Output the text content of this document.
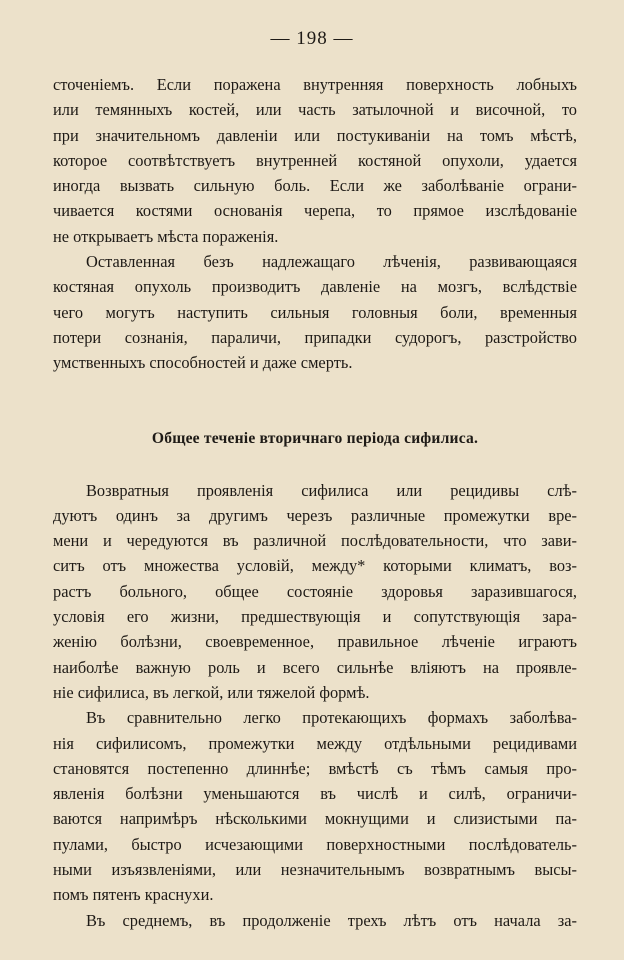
— 198 —
сточенiемъ. Если поражена внутренняя поверхность лобныхъ
или темянныхъ костей, или часть затылочной и височной, то
при значительномъ давленiи или постукиванiи на томъ мѣстѣ,
которое соотвѣтствуетъ внутренней костяной опухоли, удается
иногда вызвать сильную боль. Если же заболѣванiе ограни-
чивается костями основанiя черепа, то прямое изслѣдованiе
не открываетъ мѣста пораженiя.
Оставленная безъ надлежащаго лѣченiя, развивающаяся
костяная опухоль производитъ давленiе на мозгъ, вслѣдствiе
чего могутъ наступить сильныя головныя боли, временныя
потери сознанiя, параличи, припадки судорогъ, разстройство
умственныхъ способностей и даже смерть.
Общее теченiе вторичнаго перiода сифилиса.
Возвратныя проявленiя сифилиса или рецидивы слѣ-
дуютъ одинъ за другимъ черезъ различные промежутки вре-
мени и чередуются въ различной послѣдовательности, что зави-
ситъ отъ множества условiй, между* которыми климатъ, воз-
растъ больного, общее состоянiе здоровья заразившагося,
условiя его жизни, предшествующiя и сопутствующiя зара-
женiю болѣзни, своевременное, правильное лѣченiе играютъ
наиболѣе важную роль и всего сильнѣе влiяютъ на проявле-
нiе сифилиса, въ легкой, или тяжелой формѣ.
Въ сравнительно легко протекающихъ формахъ заболѣва-
нiя сифилисомъ, промежутки между отдѣльными рецидивами
становятся постепенно длиннѣе; вмѣстѣ съ тѣмъ самыя про-
явленiя болѣзни уменьшаются въ числѣ и силѣ, ограничи-
ваются напримѣръ нѣсколькими мокнущими и слизистыми па-
пулами, быстро исчезающими поверхностными послѣдователь-
ными изъязвленiями, или незначительнымъ возвратнымъ высы-
помъ пятенъ краснухи.
Въ среднемъ, въ продолженiе трехъ лѣтъ отъ начала за-
